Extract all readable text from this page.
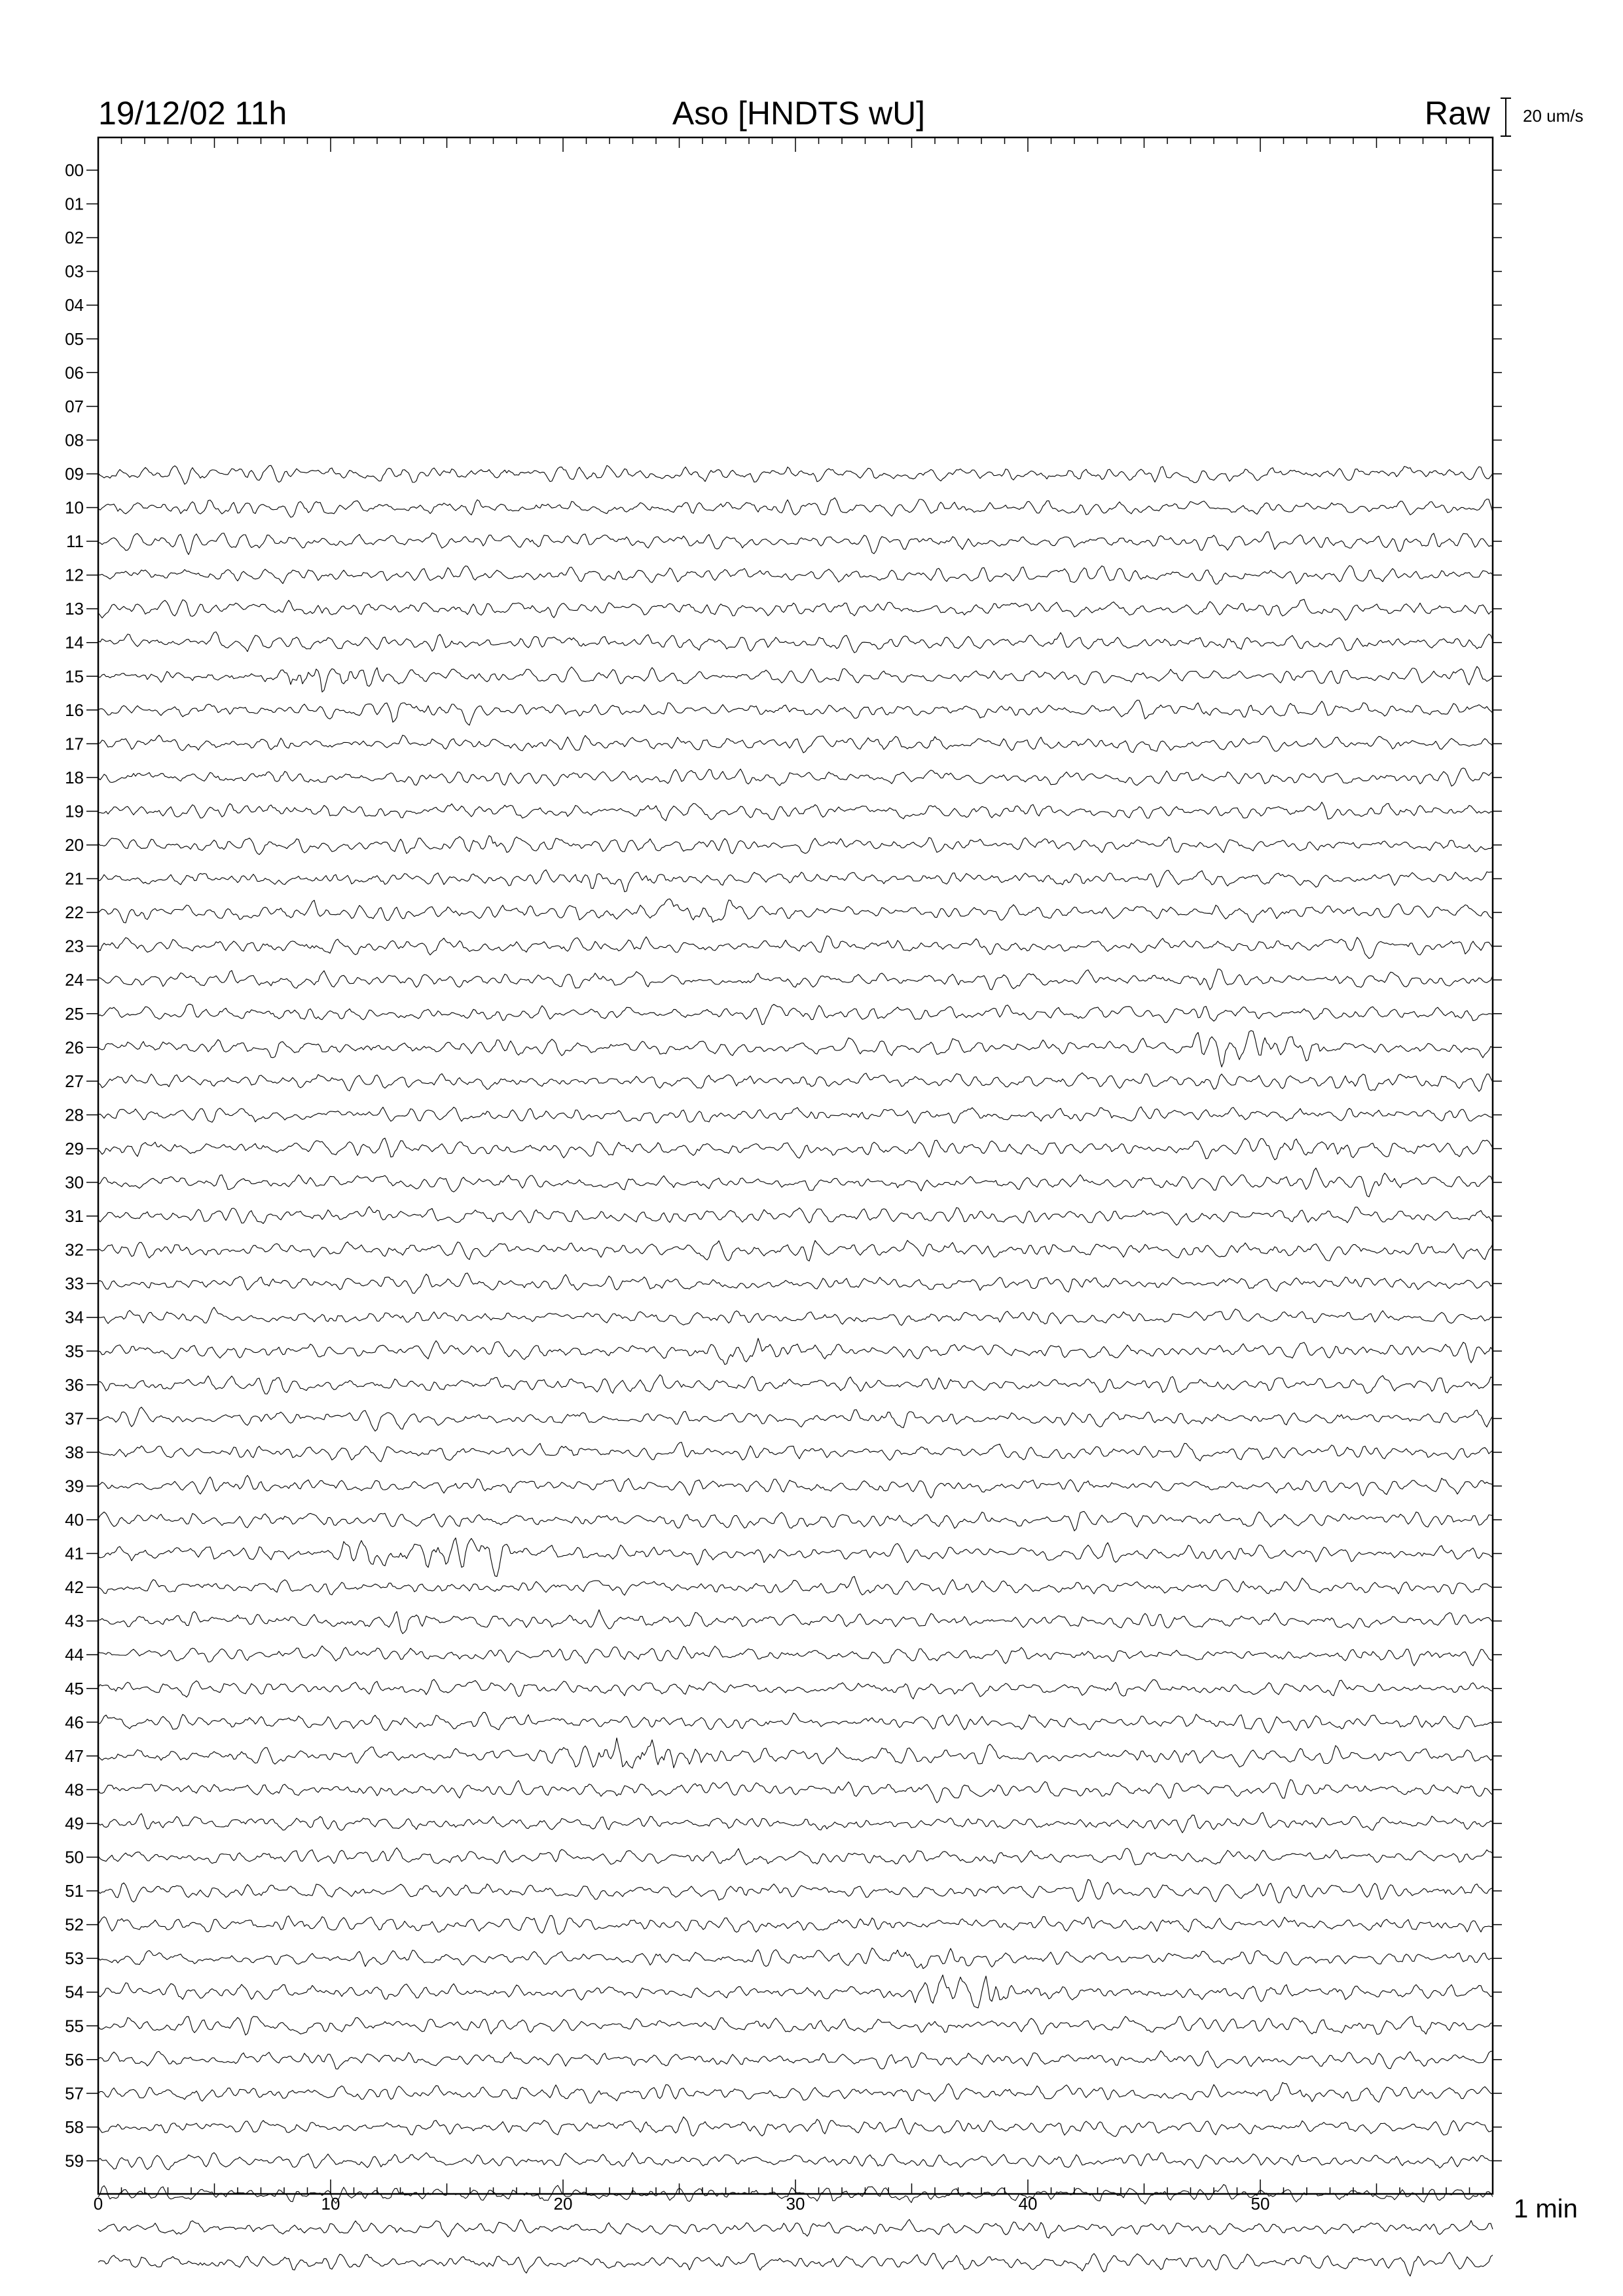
19/12/02 11h	Aso [HNDTS wU]	Raw 20 um/s
00
01
02
03
04
05
06
07
08
09
10
11
12
13
14
15
16
17
18
19
20
21
22
23
24
25
26
27
28
29
30
31
32
33
34
35
36
37
38
39
40
41
42
43
44
45
46
47
48
49
50
51
52
53
54
55
56
57
58
59
0	10	20	30	40	50	1 min
